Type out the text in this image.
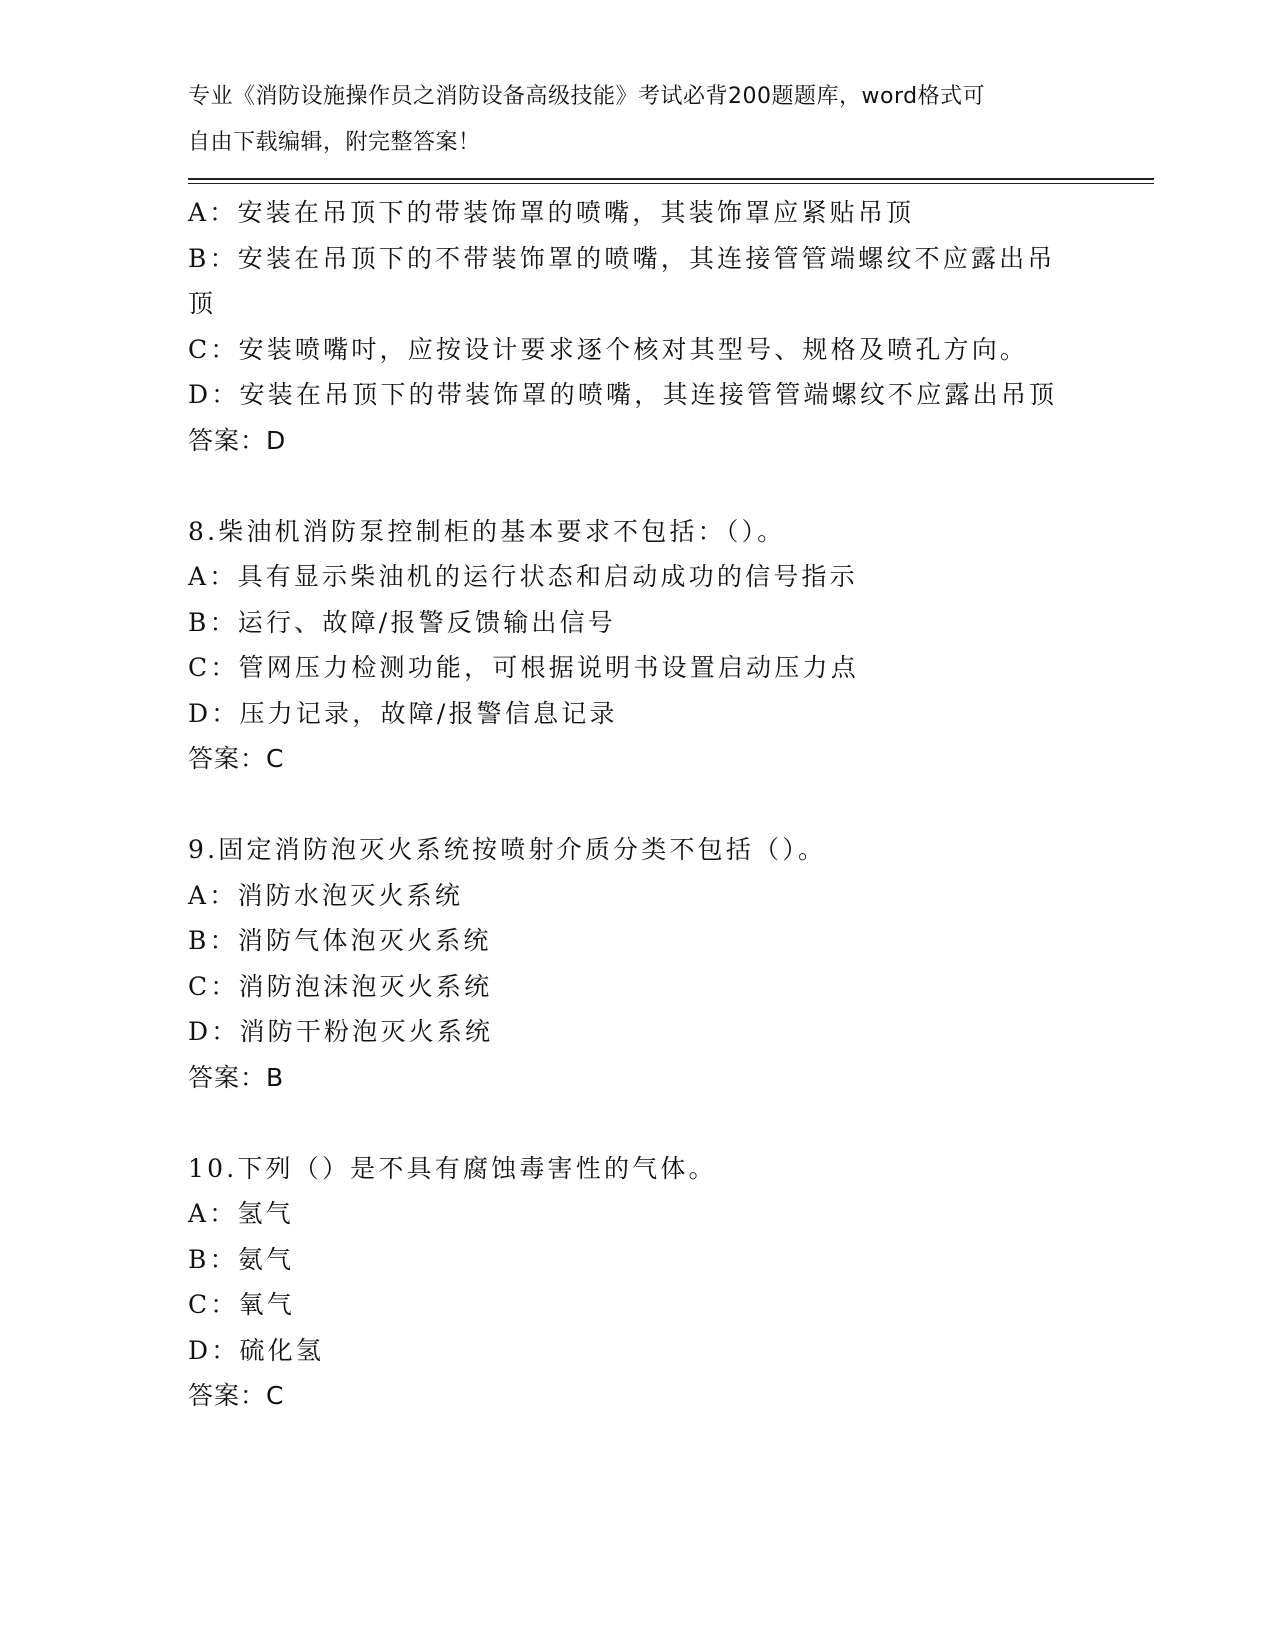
专业《消防设施操作员之消防设备高级技能》考试必背200题题库，word格式可
自由下载编辑，附完整答案！
A：安装在吊顶下的带装饰罩的喷嘴，其装饰罩应紧贴吊顶
B：安装在吊顶下的不带装饰罩的喷嘴，其连接管管端螺纹不应露出吊
顶
C：安装喷嘴吋，应按设计要求逐个核对其型号、规格及喷孔方向。
D：安装在吊顶下的带装饰罩的喷嘴，其连接管管端螺纹不应露出吊顶
答案：D
8.柴油机消防泵控制柜的基本要求不包括：（）。
A：具有显示柴油机的运行状态和启动成功的信号指示
B：运行、故障/报警反馈输出信号
C：管网压力检测功能，可根据说明书设置启动压力点
D：压力记录，故障/报警信息记录
答案：C
9.固定消防泡灭火系统按喷射介质分类不包括（）。
A：消防水泡灭火系统
B：消防气体泡灭火系统
C：消防泡沫泡灭火系统
D：消防干粉泡灭火系统
答案：B
10.下列（）是不具有腐蚀毒害性的气体。
A：氢气
B：氨气
C：氧气
D：硫化氢
答案：C
